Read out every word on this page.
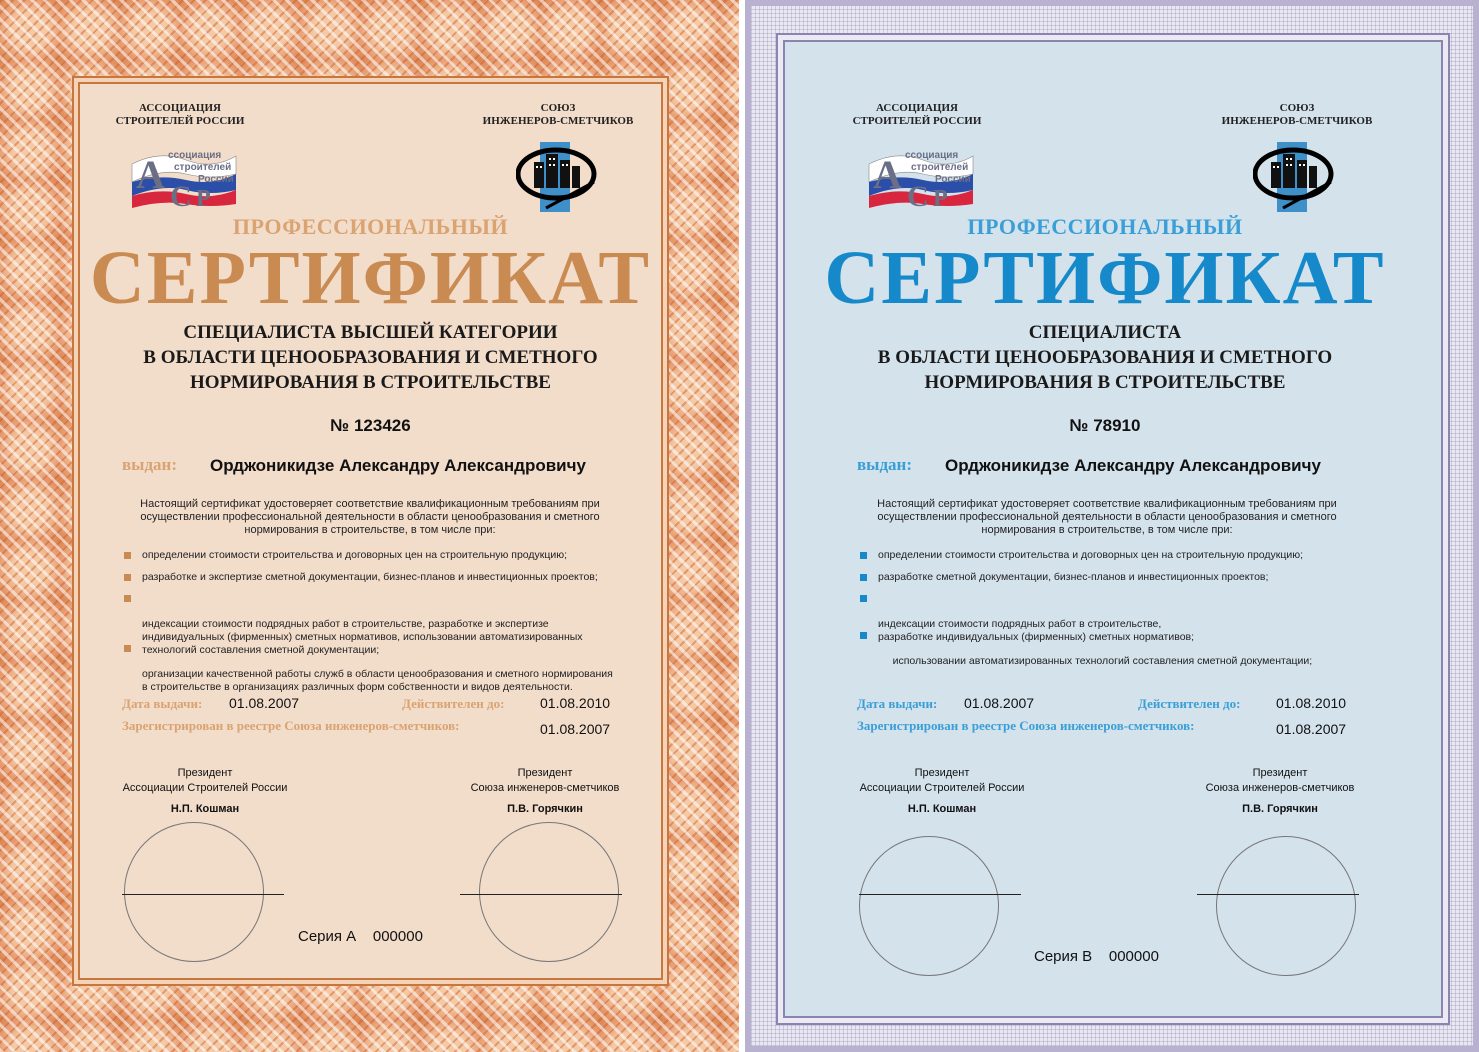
АССОЦИАЦИЯ
СТРОИТЕЛЕЙ РОССИИ
СОЮЗ
ИНЖЕНЕРОВ-СМЕТЧИКОВ
А С Р
ссоциация
строителей
России
ПРОФЕССИОНАЛЬНЫЙ
СЕРТИФИКАТ
СПЕЦИАЛИСТА ВЫСШЕЙ КАТЕГОРИИ
В ОБЛАСТИ ЦЕНООБРАЗОВАНИЯ И СМЕТНОГО
НОРМИРОВАНИЯ В СТРОИТЕЛЬСТВЕ
№ 123426
выдан: Орджоникидзе Александру Александровичу
Настоящий сертификат удостоверяет соответствие квалификационным требованиям при
осуществлении профессиональной деятельности в области ценообразования и сметного
нормирования в строительстве, в том числе при:
определении стоимости строительства и договорных цен на строительную продукцию;
разработке и экспертизе сметной документации, бизнес-планов и инвестиционных проектов;

индексации стоимости подрядных работ в строительстве, разработке и экспертизе
индивидуальных (фирменных) сметных нормативов, использовании автоматизированных
технологий составления сметной документации;

организации качественной работы служб в области ценообразования и сметного нормирования
в строительстве в организациях различных форм собственности и видов деятельности.

Дата выдачи: 01.08.2007	Действителен до:	01.08.2010
Зарегистрирован в реестре Союза инженеров-сметчиков:	01.08.2007
Президент
Ассоциации Строителей России
Н.П. Кошман
Президент
Союза инженеров-сметчиков
П.В. Горячкин
Серия А    000000
АССОЦИАЦИЯ
СТРОИТЕЛЕЙ РОССИИ
СОЮЗ
ИНЖЕНЕРОВ-СМЕТЧИКОВ
А С Р
ссоциация
строителей
России
ПРОФЕССИОНАЛЬНЫЙ
СЕРТИФИКАТ
СПЕЦИАЛИСТА
В ОБЛАСТИ ЦЕНООБРАЗОВАНИЯ И СМЕТНОГО
НОРМИРОВАНИЯ В СТРОИТЕЛЬСТВЕ
№ 78910
выдан: Орджоникидзе Александру Александровичу
Настоящий сертификат удостоверяет соответствие квалификационным требованиям при
осуществлении профессиональной деятельности в области ценообразования и сметного
нормирования в строительстве, в том числе при:
определении стоимости строительства и договорных цен на строительную продукцию;
разработке сметной документации, бизнес-планов и инвестиционных проектов;

индексации стоимости подрядных работ в строительстве,
разработке индивидуальных (фирменных) сметных нормативов;

использовании автоматизированных технологий составления сметной документации;

Дата выдачи: 01.08.2007	Действителен до:	01.08.2010
Зарегистрирован в реестре Союза инженеров-сметчиков:	01.08.2007
Президент
Ассоциации Строителей России
Н.П. Кошман
Президент
Союза инженеров-сметчиков
П.В. Горячкин
Серия В    000000
